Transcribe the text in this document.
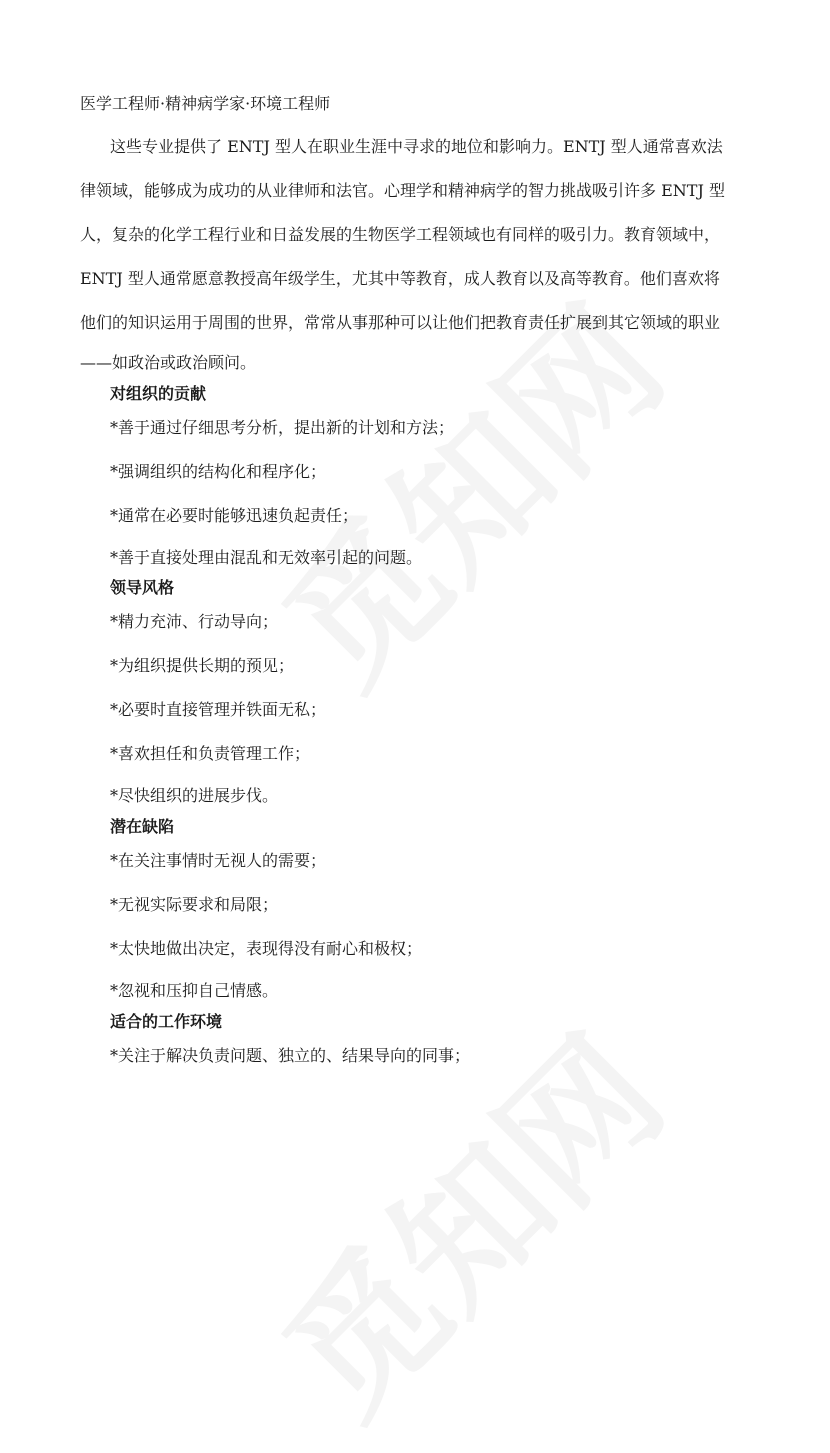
医学工程师·精神病学家·环境工程师
这些专业提供了 ENTJ 型人在职业生涯中寻求的地位和影响力。ENTJ 型人通常喜欢法
律领域，能够成为成功的从业律师和法官。心理学和精神病学的智力挑战吸引许多 ENTJ 型
人，复杂的化学工程行业和日益发展的生物医学工程领域也有同样的吸引力。教育领域中，
ENTJ 型人通常愿意教授高年级学生，尤其中等教育，成人教育以及高等教育。他们喜欢将
他们的知识运用于周围的世界，常常从事那种可以让他们把教育责任扩展到其它领域的职业
——如政治或政治顾问。
对组织的贡献
*善于通过仔细思考分析，提出新的计划和方法；
*强调组织的结构化和程序化；
*通常在必要时能够迅速负起责任；
*善于直接处理由混乱和无效率引起的问题。
领导风格
*精力充沛、行动导向；
*为组织提供长期的预见；
*必要时直接管理并铁面无私；
*喜欢担任和负责管理工作；
*尽快组织的进展步伐。
潜在缺陷
*在关注事情时无视人的需要；
*无视实际要求和局限；
*太快地做出决定，表现得没有耐心和极权；
*忽视和压抑自己情感。
适合的工作环境
*关注于解决负责问题、独立的、结果导向的同事；
